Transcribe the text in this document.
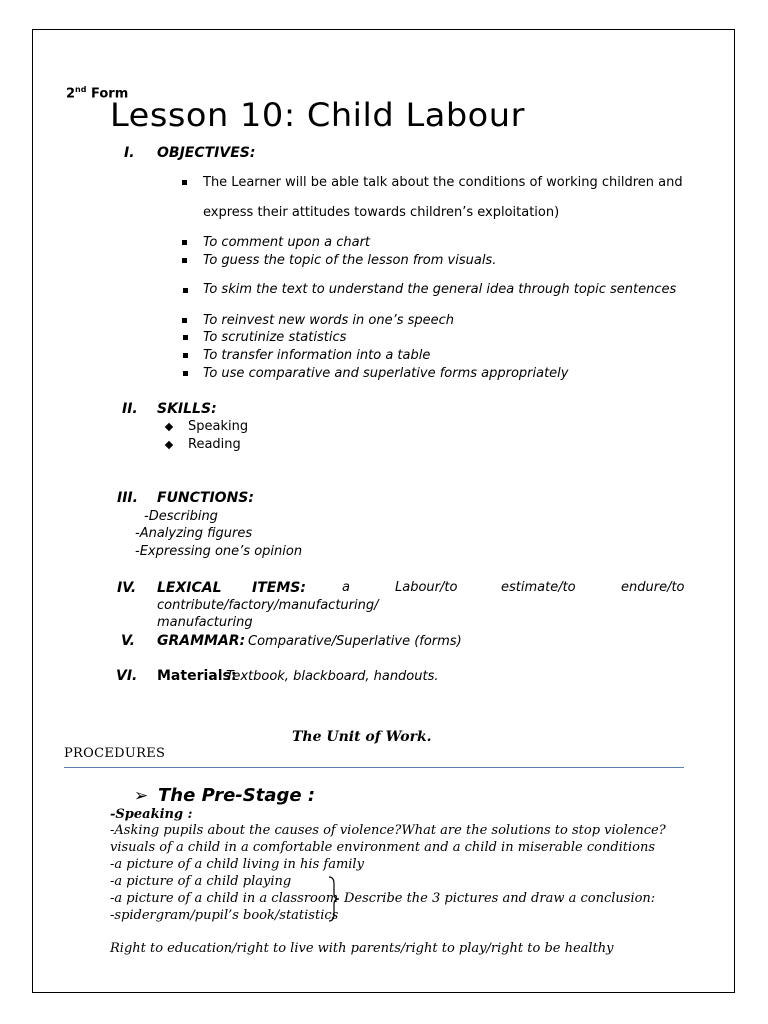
2nd Form
Lesson 10: Child Labour
I. OBJECTIVES:
The Learner will be able talk about the conditions of working children and
express their attitudes towards children’s exploitation)
To comment upon a chart
To guess the topic of the lesson from visuals.
To skim the text to understand the general idea through topic sentences
To reinvest new words in one’s speech
To scrutinize statistics
To transfer information into a table
To use comparative and superlative forms appropriately
II. SKILLS:
Speaking
Reading
III. FUNCTIONS:
-Describing
-Analyzing figures
-Expressing one’s opinion
IV. LEXICAL ITEMS:	a	Labour/to	estimate/to	endure/to
contribute/factory/manufacturing/
manufacturing
V. GRAMMAR: Comparative/Superlative (forms)
VI. Materials:
Textbook, blackboard, handouts.
The Unit of Work.
PROCEDURES
➢ The Pre-Stage :
-Speaking :
-Asking pupils about the causes of violence?What are the solutions to stop violence?
visuals of a child in a comfortable environment and a child in miserable conditions
-a picture of a child living in his family
-a picture of a child playing
-a picture of a child in a classroom
-spidergram/pupil’s book/statistics
Describe the 3 pictures and draw a conclusion:
Right to education/right to live with parents/right to play/right to be healthy
